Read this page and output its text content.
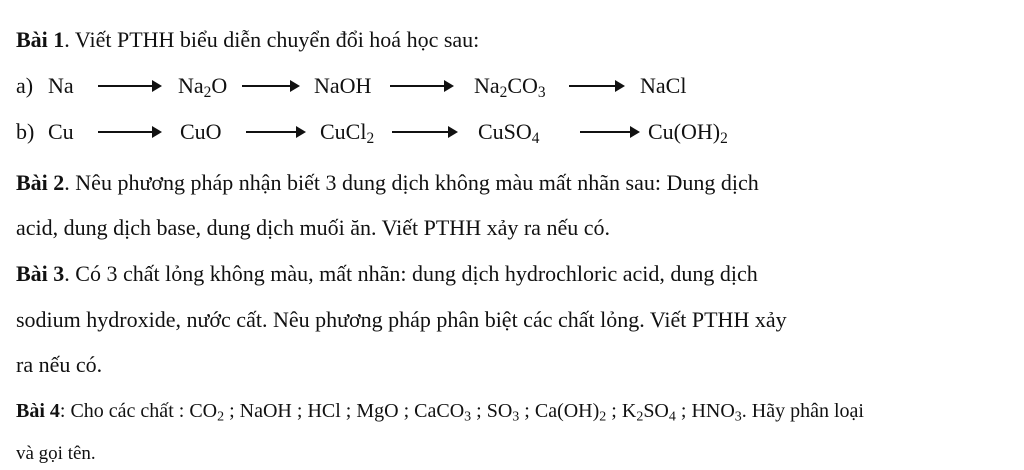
Bài 1. Viết PTHH biểu diễn chuyển đổi hoá học sau:
a) Na	$Na_2O$	NaOH	$Na_2CO_3$	NaCl
b) Cu	CuO	CuCl$_2$	CuSO$_4$	$Cu(OH)_2$
Bài 2. Nêu phương pháp nhận biết 3 dung dịch không màu mất nhãn sau: Dung dịch
acid, dung dịch base, dung dịch muối ăn. Viết PTHH xảy ra nếu có.
Bài 3. Có 3 chất lỏng không màu, mất nhãn: dung dịch hydrochloric acid, dung dịch
sodium hydroxide, nước cất. Nêu phương pháp phân biệt các chất lỏng. Viết PTHH xảy
ra nếu có.
Bài 4: Cho các chất : $CO_2$ ; NaOH ; HCl ; MgO ; CaCO$_3$ ; $SO_3$ ; $Ca(OH)_2$ ; $K_2SO_4$ ; $HNO_3$. Hãy phân loại
và gọi tên.
